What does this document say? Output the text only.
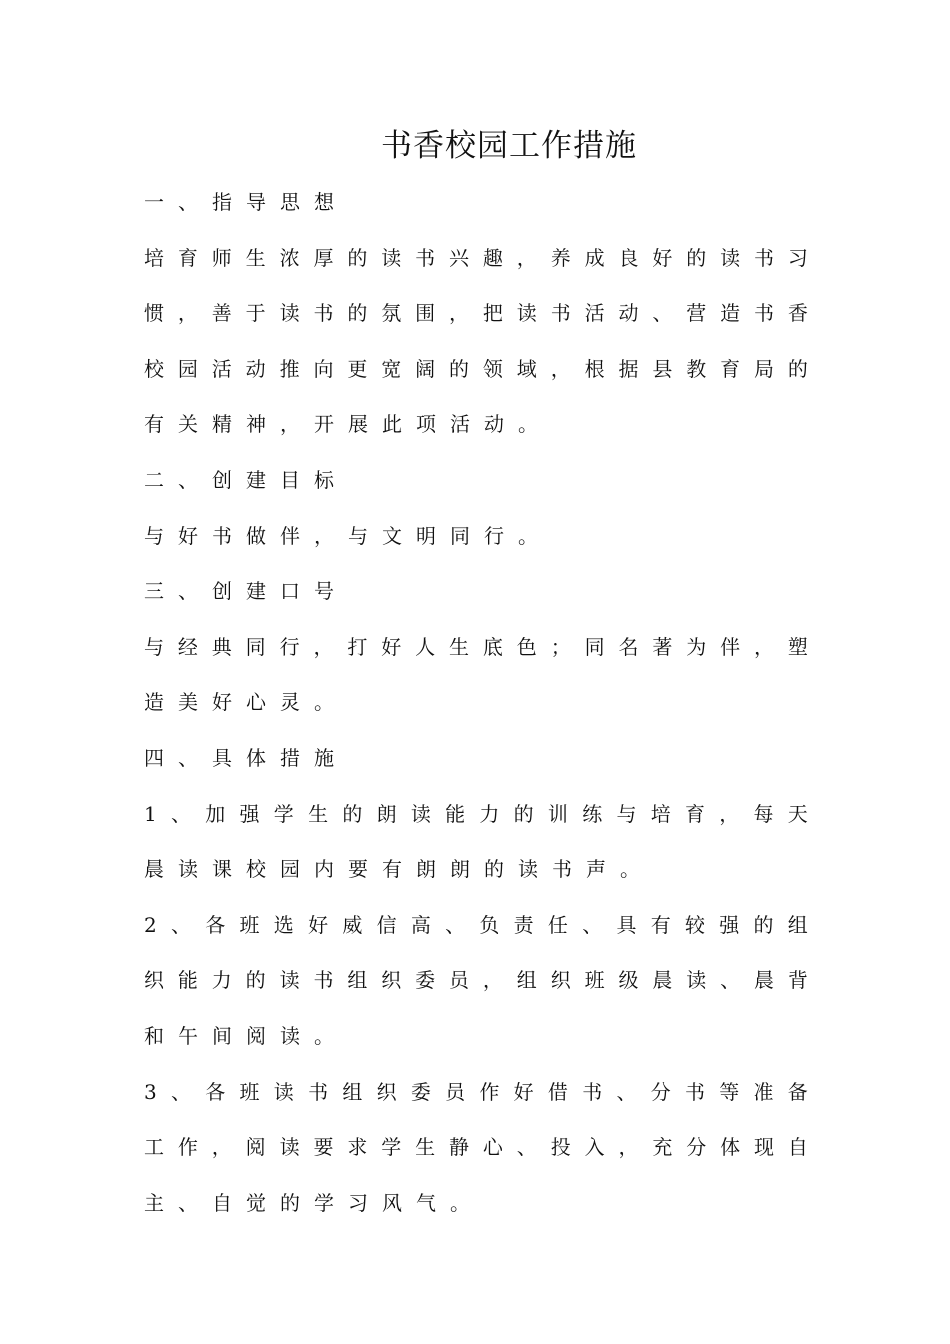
书香校园工作措施
一 、 指 导 思 想
培 育 师 生 浓 厚 的 读 书 兴 趣 ， 养 成 良 好 的 读 书 习
惯 ， 善 于 读 书 的 氛 围 ， 把 读 书 活 动 、 营 造 书 香
校 园 活 动 推 向 更 宽 阔 的 领 域 ， 根 据 县 教 育 局 的
有 关 精 神 ， 开 展 此 项 活 动 。
二 、 创 建 目 标
与 好 书 做 伴 ， 与 文 明 同 行 。
三 、 创 建 口 号
与 经 典 同 行 ， 打 好 人 生 底 色 ； 同 名 著 为 伴 ， 塑
造 美 好 心 灵 。
四 、 具 体 措 施
1 、 加 强 学 生 的 朗 读 能 力 的 训 练 与 培 育 ， 每 天
晨 读 课 校 园 内 要 有 朗 朗 的 读 书 声 。
2 、 各 班 选 好 威 信 高 、 负 责 任 、 具 有 较 强 的 组
织 能 力 的 读 书 组 织 委 员 ， 组 织 班 级 晨 读 、 晨 背
和 午 间 阅 读 。
3 、 各 班 读 书 组 织 委 员 作 好 借 书 、 分 书 等 准 备
工 作 ， 阅 读 要 求 学 生 静 心 、 投 入 ， 充 分 体 现 自
主 、 自 觉 的 学 习 风 气 。
